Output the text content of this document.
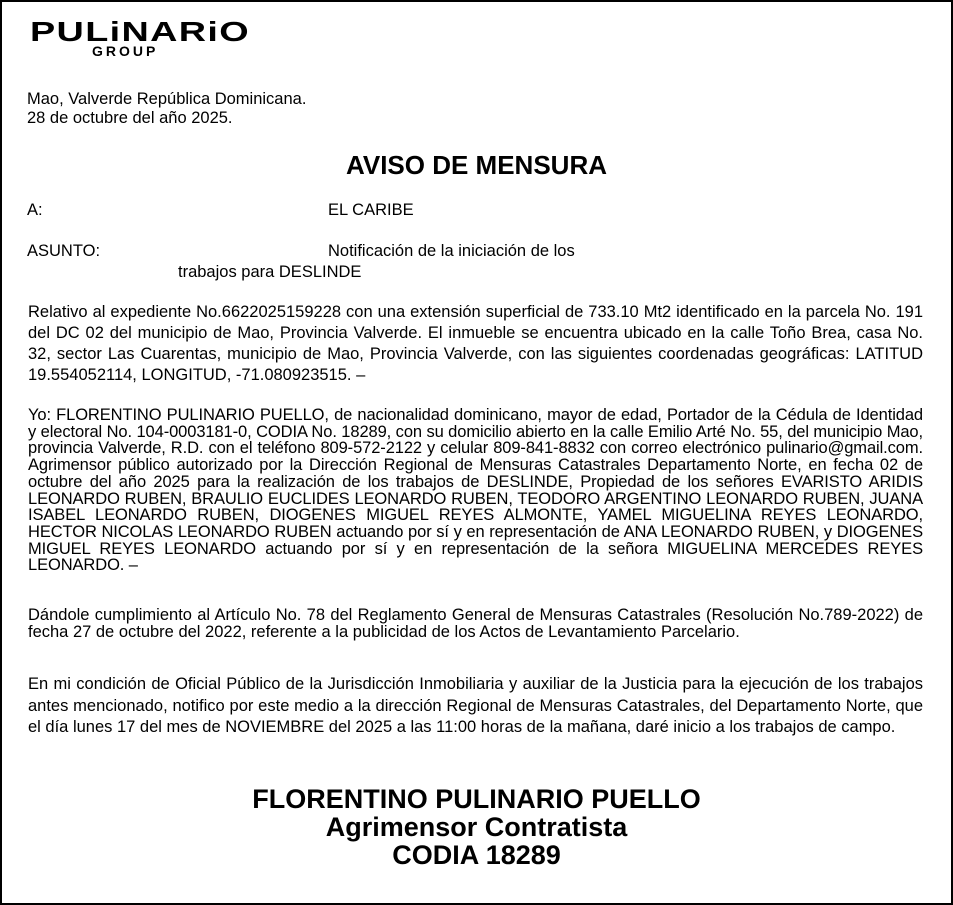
PULiNARiO
GROUP
Mao, Valverde República Dominicana.
28 de octubre del año 2025.
AVISO DE MENSURA
A:	EL CARIBE
ASUNTO:	Notificación de la iniciación de los
trabajos para DESLINDE

Relativo al expediente No.6622025159228 con una extensión superficial de 733.10 Mt2 identificado en la parcela No. 191 del DC 02 del municipio de Mao, Provincia Valverde. El inmueble se encuentra ubicado en la calle Toño Brea, casa No. 32, sector Las Cuarentas, municipio de Mao, Provincia Valverde, con las siguientes coordenadas geográficas: LATITUD 19.554052114, LONGITUD, -71.080923515. –

Yo: FLORENTINO PULINARIO PUELLO, de nacionalidad dominicano, mayor de edad, Portador de la Cédula de Identidad y electoral No. 104-0003181-0, CODIA No. 18289, con su domicilio abierto en la calle Emilio Arté No. 55, del municipio Mao, provincia Valverde, R.D. con el teléfono 809-572-2122 y celular 809-841-8832 con correo electrónico pulinario@gmail.com. Agrimensor público autorizado por la Dirección Regional de Mensuras Catastrales Departamento Norte, en fecha 02 de octubre del año 2025 para la realización de los trabajos de DESLINDE, Propiedad de los señores EVARISTO ARIDIS LEONARDO RUBEN, BRAULIO EUCLIDES LEONARDO RUBEN, TEODORO ARGENTINO LEONARDO RUBEN, JUANA ISABEL LEONARDO RUBEN, DIOGENES MIGUEL REYES ALMONTE, YAMEL MIGUELINA REYES LEONARDO, HECTOR NICOLAS LEONARDO RUBEN actuando por sí y en representación de ANA LEONARDO RUBEN, y DIOGENES MIGUEL REYES LEONARDO actuando por sí y en representación de la señora MIGUELINA MERCEDES REYES LEONARDO. –

Dándole cumplimiento al Artículo No. 78 del Reglamento General de Mensuras Catastrales (Resolución No.789-2022) de fecha 27 de octubre del 2022, referente a la publicidad de los Actos de Levantamiento Parcelario.

En mi condición de Oficial Público de la Jurisdicción Inmobiliaria y auxiliar de la Justicia para la ejecución de los trabajos antes mencionado, notifico por este medio a la dirección Regional de Mensuras Catastrales, del Departamento Norte, que el día lunes 17 del mes de NOVIEMBRE del 2025 a las 11:00 horas de la mañana, daré inicio a los trabajos de campo.

FLORENTINO PULINARIO PUELLO
Agrimensor Contratista
CODIA 18289
